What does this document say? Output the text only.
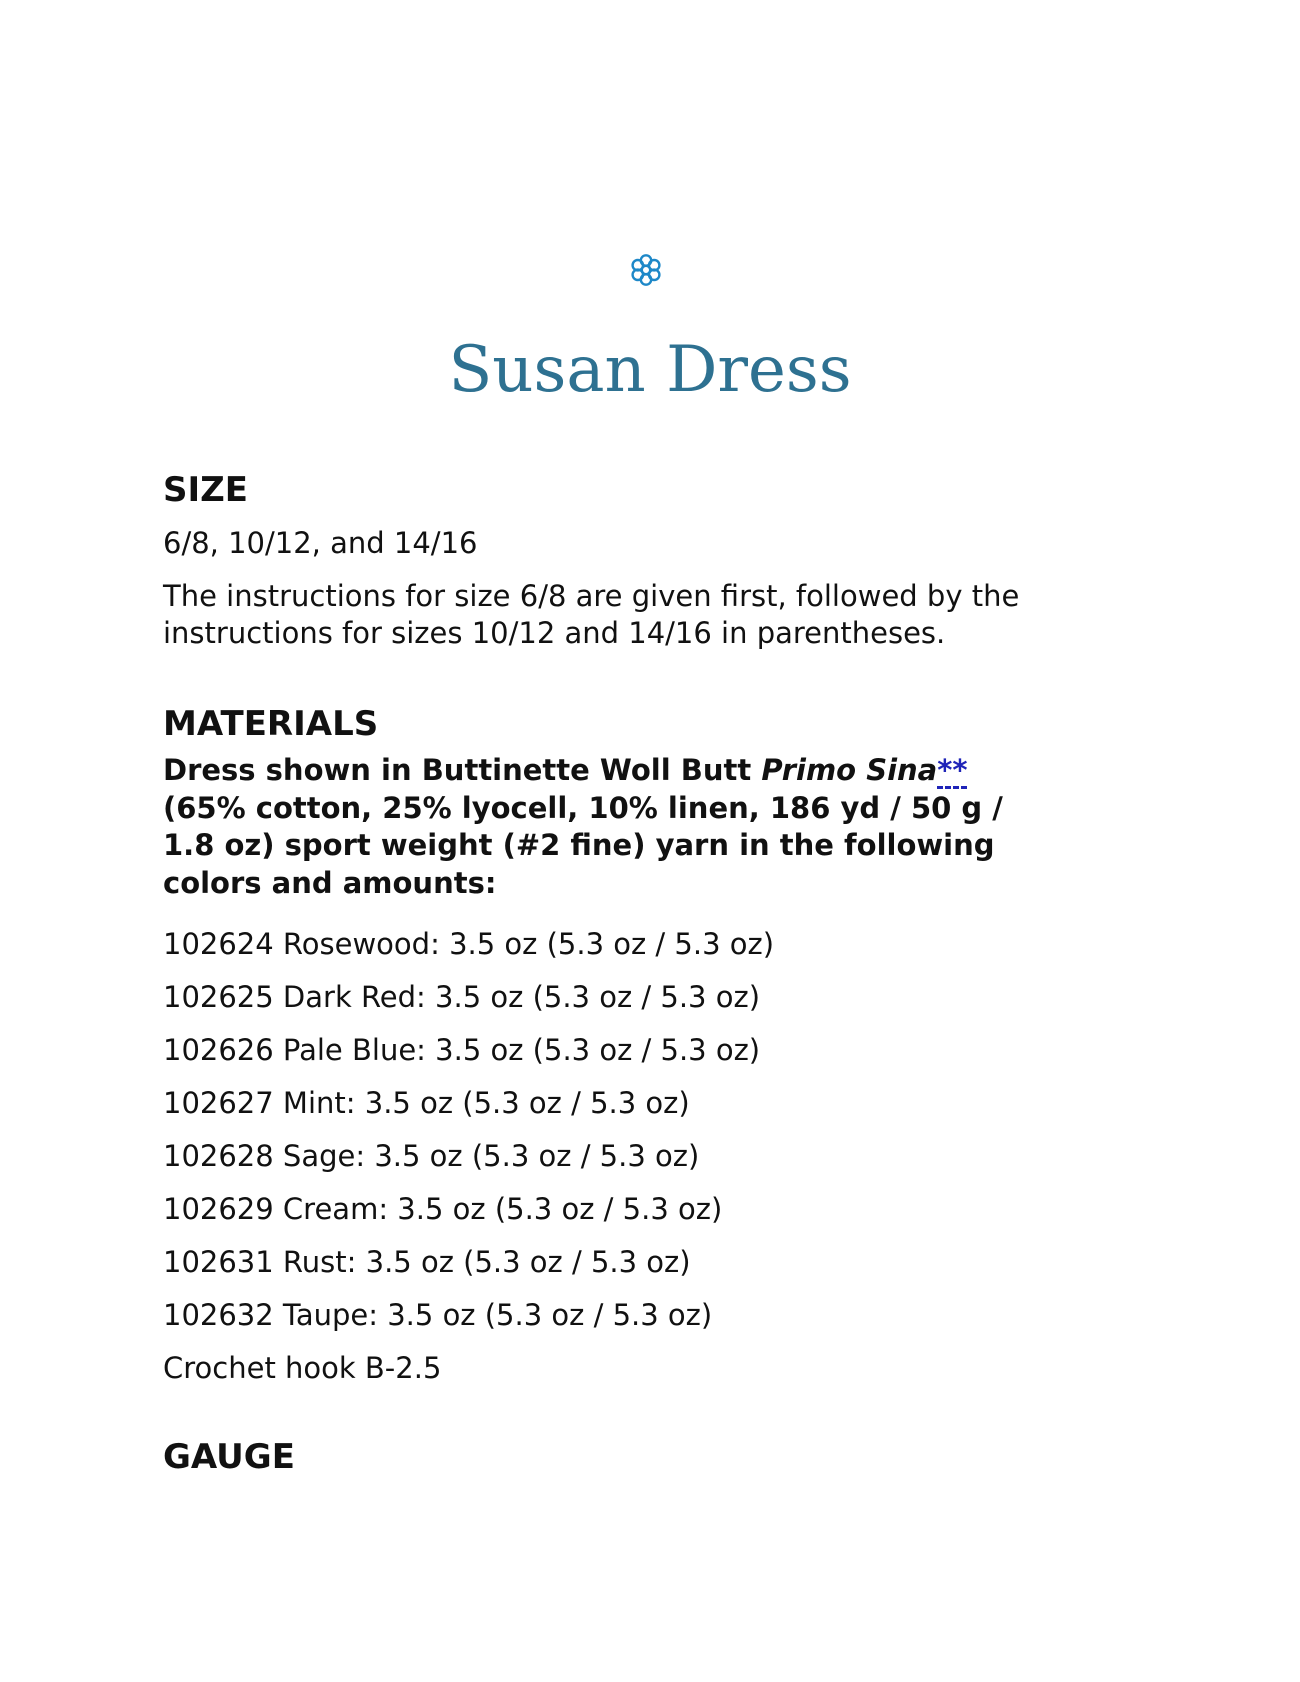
Susan Dress
SIZE

6/8, 10/12, and 14/16

The instructions for size 6/8 are given first, followed by the

instructions for sizes 10/12 and 14/16 in parentheses.

MATERIALS
Dress shown in Buttinette Woll Butt Primo Sina**
(65% cotton, 25% lyocell, 10% linen, 186 yd / 50 g /
1.8 oz) sport weight (#2 fine) yarn in the following
colors and amounts:

102624 Rosewood: 3.5 oz (5.3 oz / 5.3 oz)

102625 Dark Red: 3.5 oz (5.3 oz / 5.3 oz)

102626 Pale Blue: 3.5 oz (5.3 oz / 5.3 oz)

102627 Mint: 3.5 oz (5.3 oz / 5.3 oz)

102628 Sage: 3.5 oz (5.3 oz / 5.3 oz)

102629 Cream: 3.5 oz (5.3 oz / 5.3 oz)

102631 Rust: 3.5 oz (5.3 oz / 5.3 oz)

102632 Taupe: 3.5 oz (5.3 oz / 5.3 oz)

Crochet hook B-2.5

GAUGE
